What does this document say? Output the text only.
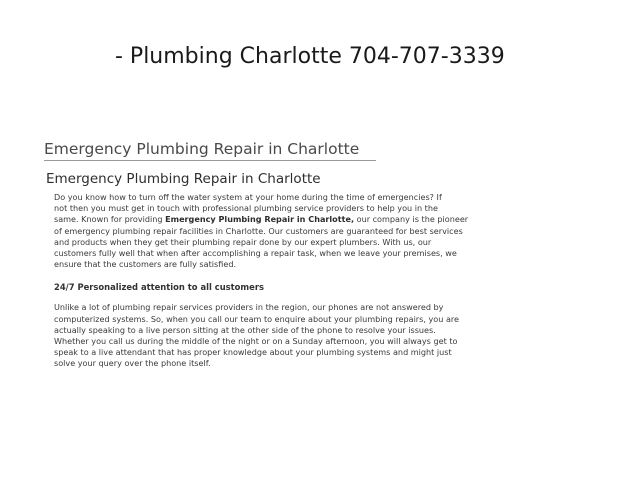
- Plumbing Charlotte 704-707-3339
Emergency Plumbing Repair in Charlotte
Emergency Plumbing Repair in Charlotte
Do you know how to turn off the water system at your home during the time of emergencies? If
not then you must get in touch with professional plumbing service providers to help you in the
same. Known for providing Emergency Plumbing Repair in Charlotte, our company is the pioneer
of emergency plumbing repair facilities in Charlotte. Our customers are guaranteed for best services
and products when they get their plumbing repair done by our expert plumbers. With us, our
customers fully well that when after accomplishing a repair task, when we leave your premises, we
ensure that the customers are fully satisfied.
24/7 Personalized attention to all customers
Unlike a lot of plumbing repair services providers in the region, our phones are not answered by
computerized systems. So, when you call our team to enquire about your plumbing repairs, you are
actually speaking to a live person sitting at the other side of the phone to resolve your issues.
Whether you call us during the middle of the night or on a Sunday afternoon, you will always get to
speak to a live attendant that has proper knowledge about your plumbing systems and might just
solve your query over the phone itself.
